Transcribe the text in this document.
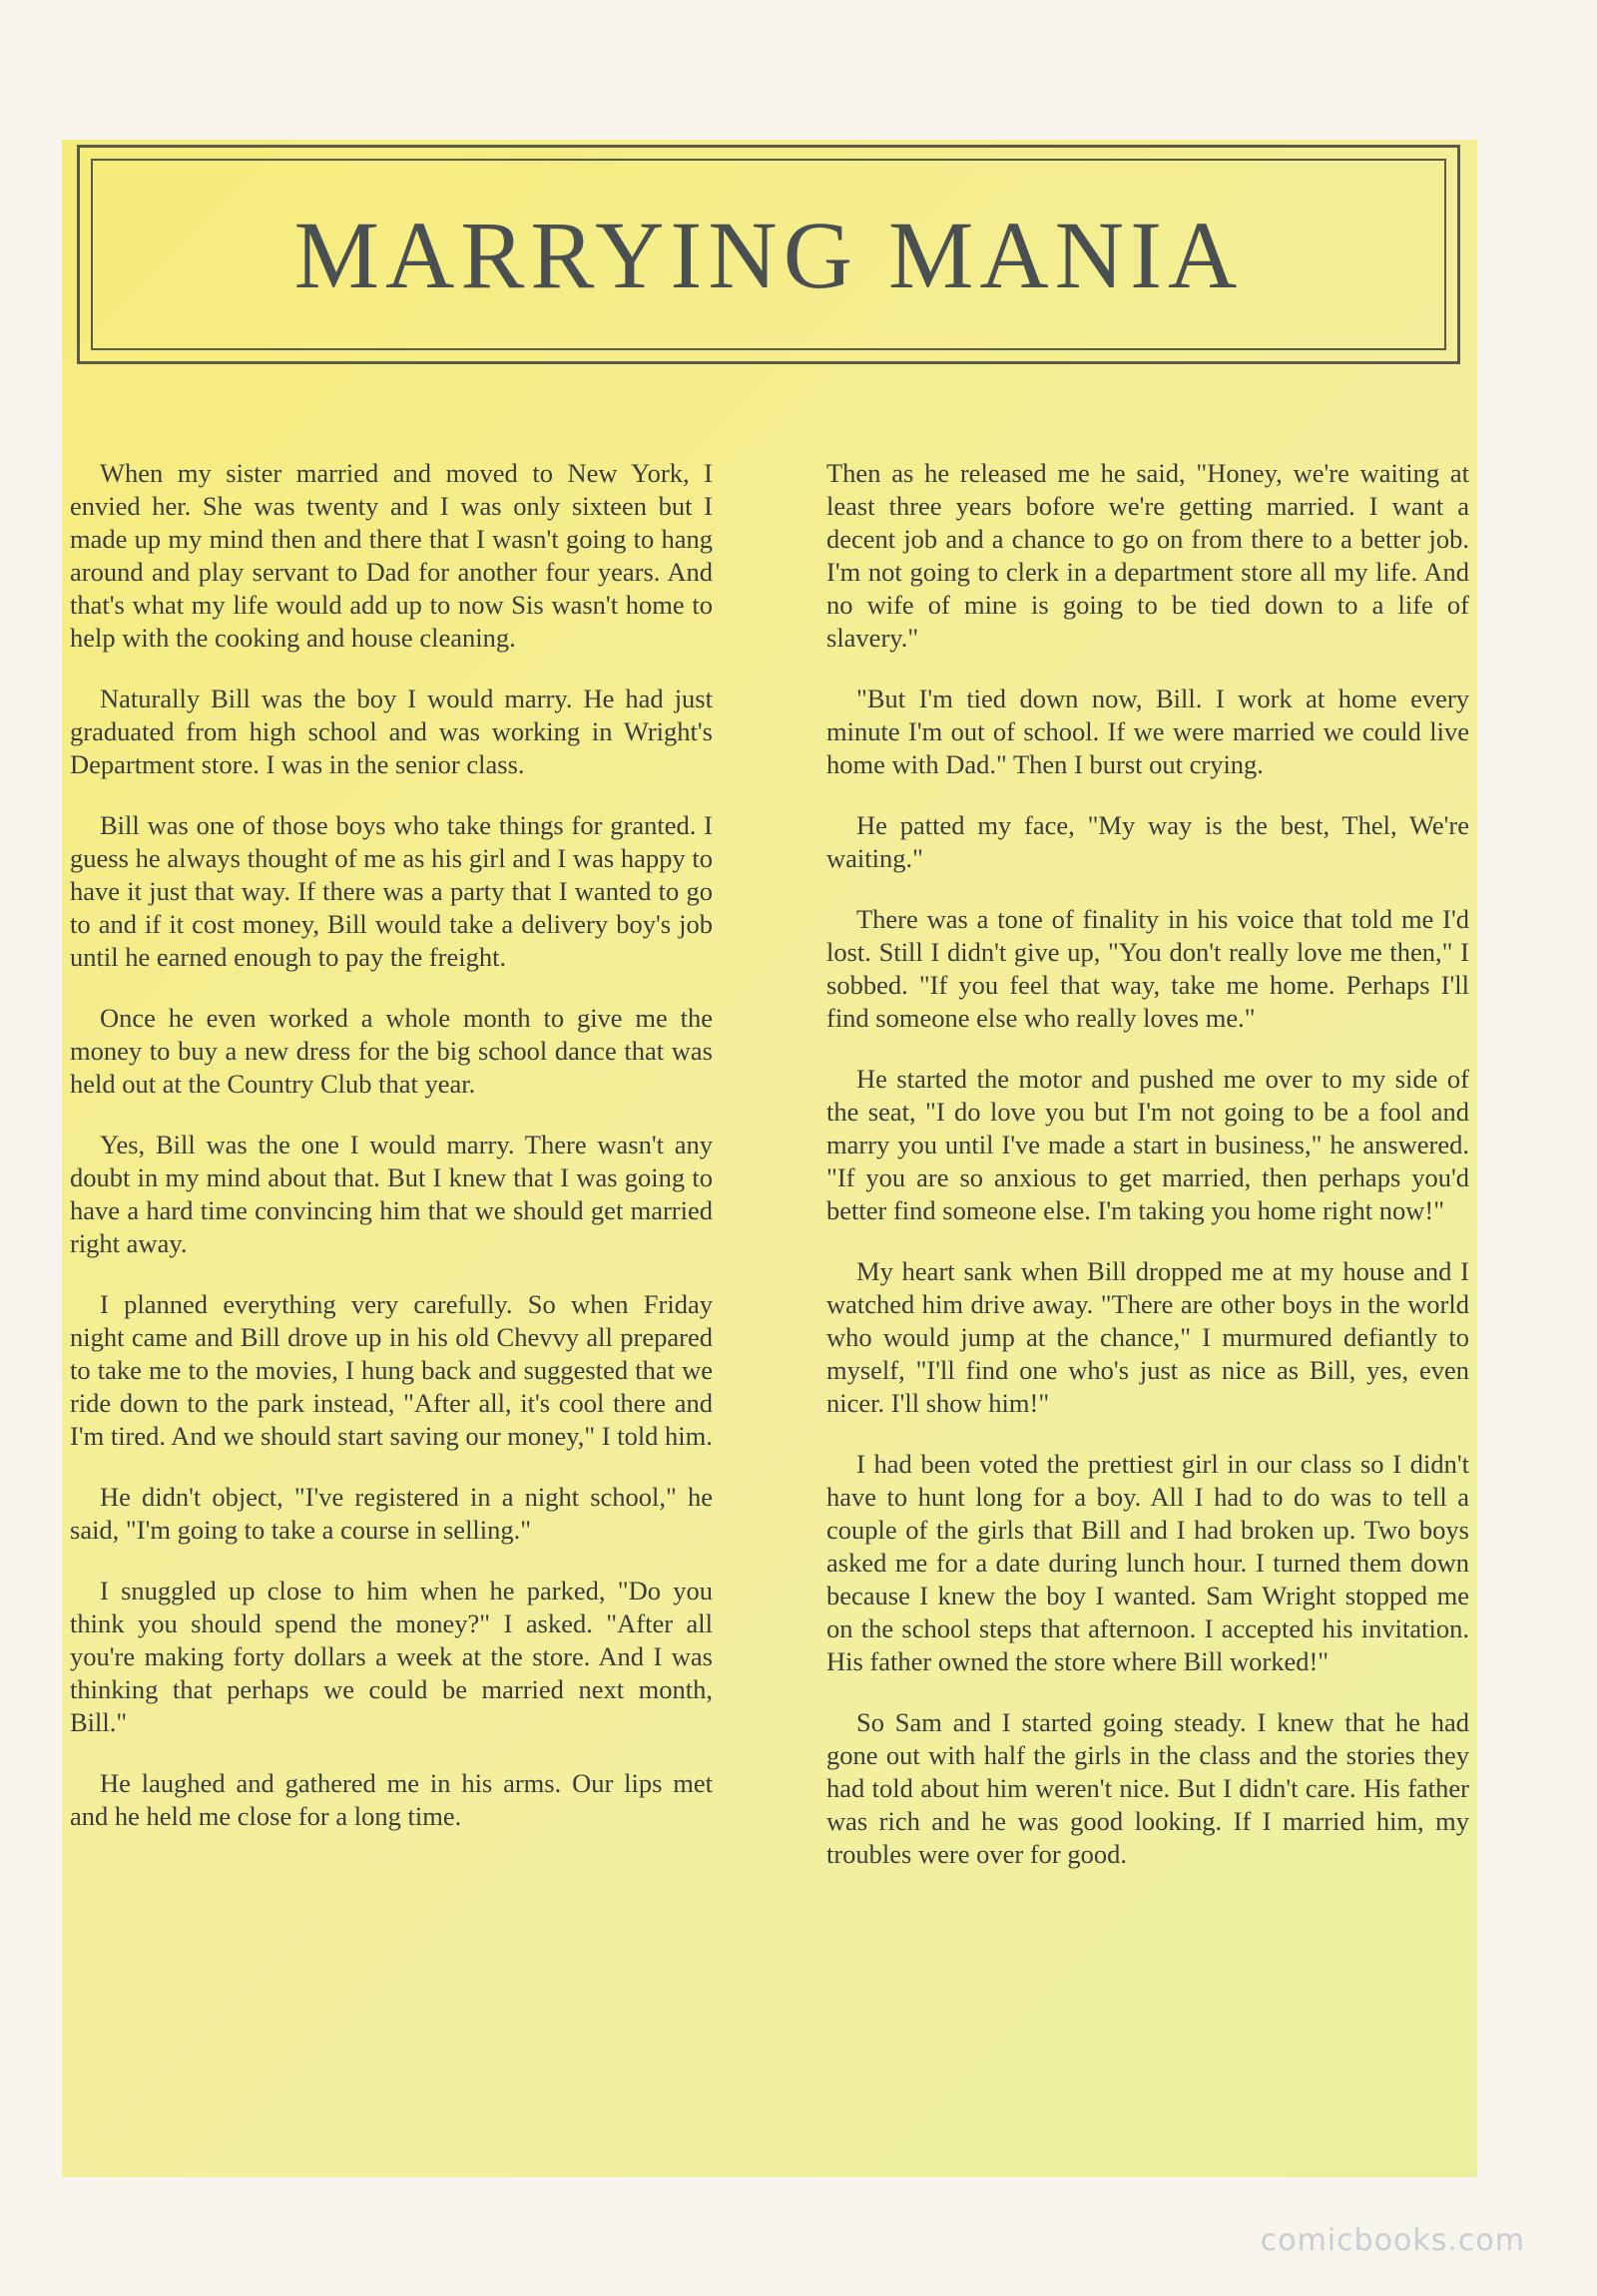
MARRYING MANIA

When my sister married and moved to New York, I envied her. She was twenty and I was only sixteen but I made up my mind then and there that I wasn't going to hang around and play servant to Dad for another four years. And that's what my life would add up to now Sis wasn't home to help with the cooking and house cleaning.

Naturally Bill was the boy I would marry. He had just graduated from high school and was working in Wright's Department store. I was in the senior class.

Bill was one of those boys who take things for granted. I guess he always thought of me as his girl and I was happy to have it just that way. If there was a party that I wanted to go to and if it cost money, Bill would take a delivery boy's job until he earned enough to pay the freight.

Once he even worked a whole month to give me the money to buy a new dress for the big school dance that was held out at the Country Club that year.

Yes, Bill was the one I would marry. There wasn't any doubt in my mind about that. But I knew that I was going to have a hard time convincing him that we should get married right away.

I planned everything very carefully. So when Friday night came and Bill drove up in his old Chevvy all prepared to take me to the movies, I hung back and suggested that we ride down to the park instead, "After all, it's cool there and I'm tired. And we should start saving our money," I told him.

He didn't object, "I've registered in a night school," he said, "I'm going to take a course in selling."

I snuggled up close to him when he parked, "Do you think you should spend the money?" I asked. "After all you're making forty dollars a week at the store. And I was thinking that perhaps we could be married next month, Bill."

He laughed and gathered me in his arms. Our lips met and he held me close for a long time.

Then as he released me he said, "Honey, we're waiting at least three years bofore we're getting married. I want a decent job and a chance to go on from there to a better job. I'm not going to clerk in a department store all my life. And no wife of mine is going to be tied down to a life of slavery."

"But I'm tied down now, Bill. I work at home every minute I'm out of school. If we were married we could live home with Dad." Then I burst out crying.

He patted my face, "My way is the best, Thel, We're waiting."

There was a tone of finality in his voice that told me I'd lost. Still I didn't give up, "You don't really love me then," I sobbed. "If you feel that way, take me home. Perhaps I'll find someone else who really loves me."

He started the motor and pushed me over to my side of the seat, "I do love you but I'm not going to be a fool and marry you until I've made a start in business," he answered. "If you are so anxious to get married, then perhaps you'd better find someone else. I'm taking you home right now!"

My heart sank when Bill dropped me at my house and I watched him drive away. "There are other boys in the world who would jump at the chance," I murmured defiantly to myself, "I'll find one who's just as nice as Bill, yes, even nicer. I'll show him!"

I had been voted the prettiest girl in our class so I didn't have to hunt long for a boy. All I had to do was to tell a couple of the girls that Bill and I had broken up. Two boys asked me for a date during lunch hour. I turned them down because I knew the boy I wanted. Sam Wright stopped me on the school steps that afternoon. I accepted his invitation. His father owned the store where Bill worked!"

So Sam and I started going steady. I knew that he had gone out with half the girls in the class and the stories they had told about him weren't nice. But I didn't care. His father was rich and he was good looking. If I married him, my troubles were over for good.

comicbooks.com
